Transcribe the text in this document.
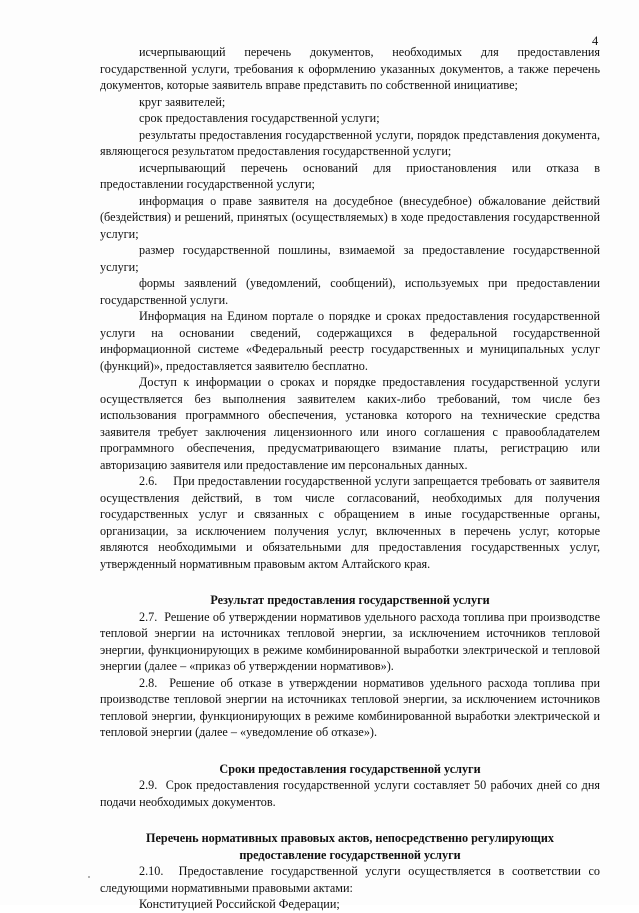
4

исчерпывающий перечень документов, необходимых для предоставления государственной услуги, требования к оформлению указанных документов, а также перечень документов, которые заявитель вправе представить по собственной инициативе;

круг заявителей;

срок предоставления государственной услуги;

результаты предоставления государственной услуги, порядок представления документа, являющегося результатом предоставления государственной услуги;

исчерпывающий перечень оснований для приостановления или отказа в предоставлении государственной услуги;

информация о праве заявителя на досудебное (внесудебное) обжалование действий (бездействия) и решений, принятых (осуществляемых) в ходе предоставления государственной услуги;

размер государственной пошлины, взимаемой за предоставление государственной услуги;

формы заявлений (уведомлений, сообщений), используемых при предоставлении государственной услуги.

Информация на Едином портале о порядке и сроках предоставления государственной услуги на основании сведений, содержащихся в федеральной государственной информационной системе «Федеральный реестр государственных и муниципальных услуг (функций)», предоставляется заявителю бесплатно.

Доступ к информации о сроках и порядке предоставления государственной услуги осуществляется без выполнения заявителем каких-либо требований, том числе без использования программного обеспечения, установка которого на технические средства заявителя требует заключения лицензионного или иного соглашения с правообладателем программного обеспечения, предусматривающего взимание платы, регистрацию или авторизацию заявителя или предоставление им персональных данных.

2.6.     При предоставлении государственной услуги запрещается требовать от заявителя осуществления действий, в том числе согласований, необходимых для получения государственных услуг и связанных с обращением в иные государственные органы, организации, за исключением получения услуг, включенных в перечень услуг, которые являются необходимыми и обязательными для предоставления государственных услуг, утвержденный нормативным правовым актом Алтайского края.

Результат предоставления государственной услуги

2.7.  Решение об утверждении нормативов удельного расхода топлива при производстве тепловой энергии на источниках тепловой энергии, за исключением источников тепловой энергии, функционирующих в режиме комбинированной выработки электрической и тепловой энергии (далее – «приказ об утверждении нормативов»).

2.8.  Решение об отказе в утверждении нормативов удельного расхода топлива при производстве тепловой энергии на источниках тепловой энергии, за исключением источников тепловой энергии, функционирующих в режиме комбинированной выработки электрической и тепловой энергии (далее – «уведомление об отказе»).

Сроки предоставления государственной услуги

2.9.  Срок предоставления государственной услуги составляет 50 рабочих дней со дня подачи необходимых документов.

Перечень нормативных правовых актов, непосредственно регулирующих предоставление государственной услуги

2.10.  Предоставление государственной услуги осуществляется в соответствии со следующими нормативными правовыми актами:

Конституцией Российской Федерации;
